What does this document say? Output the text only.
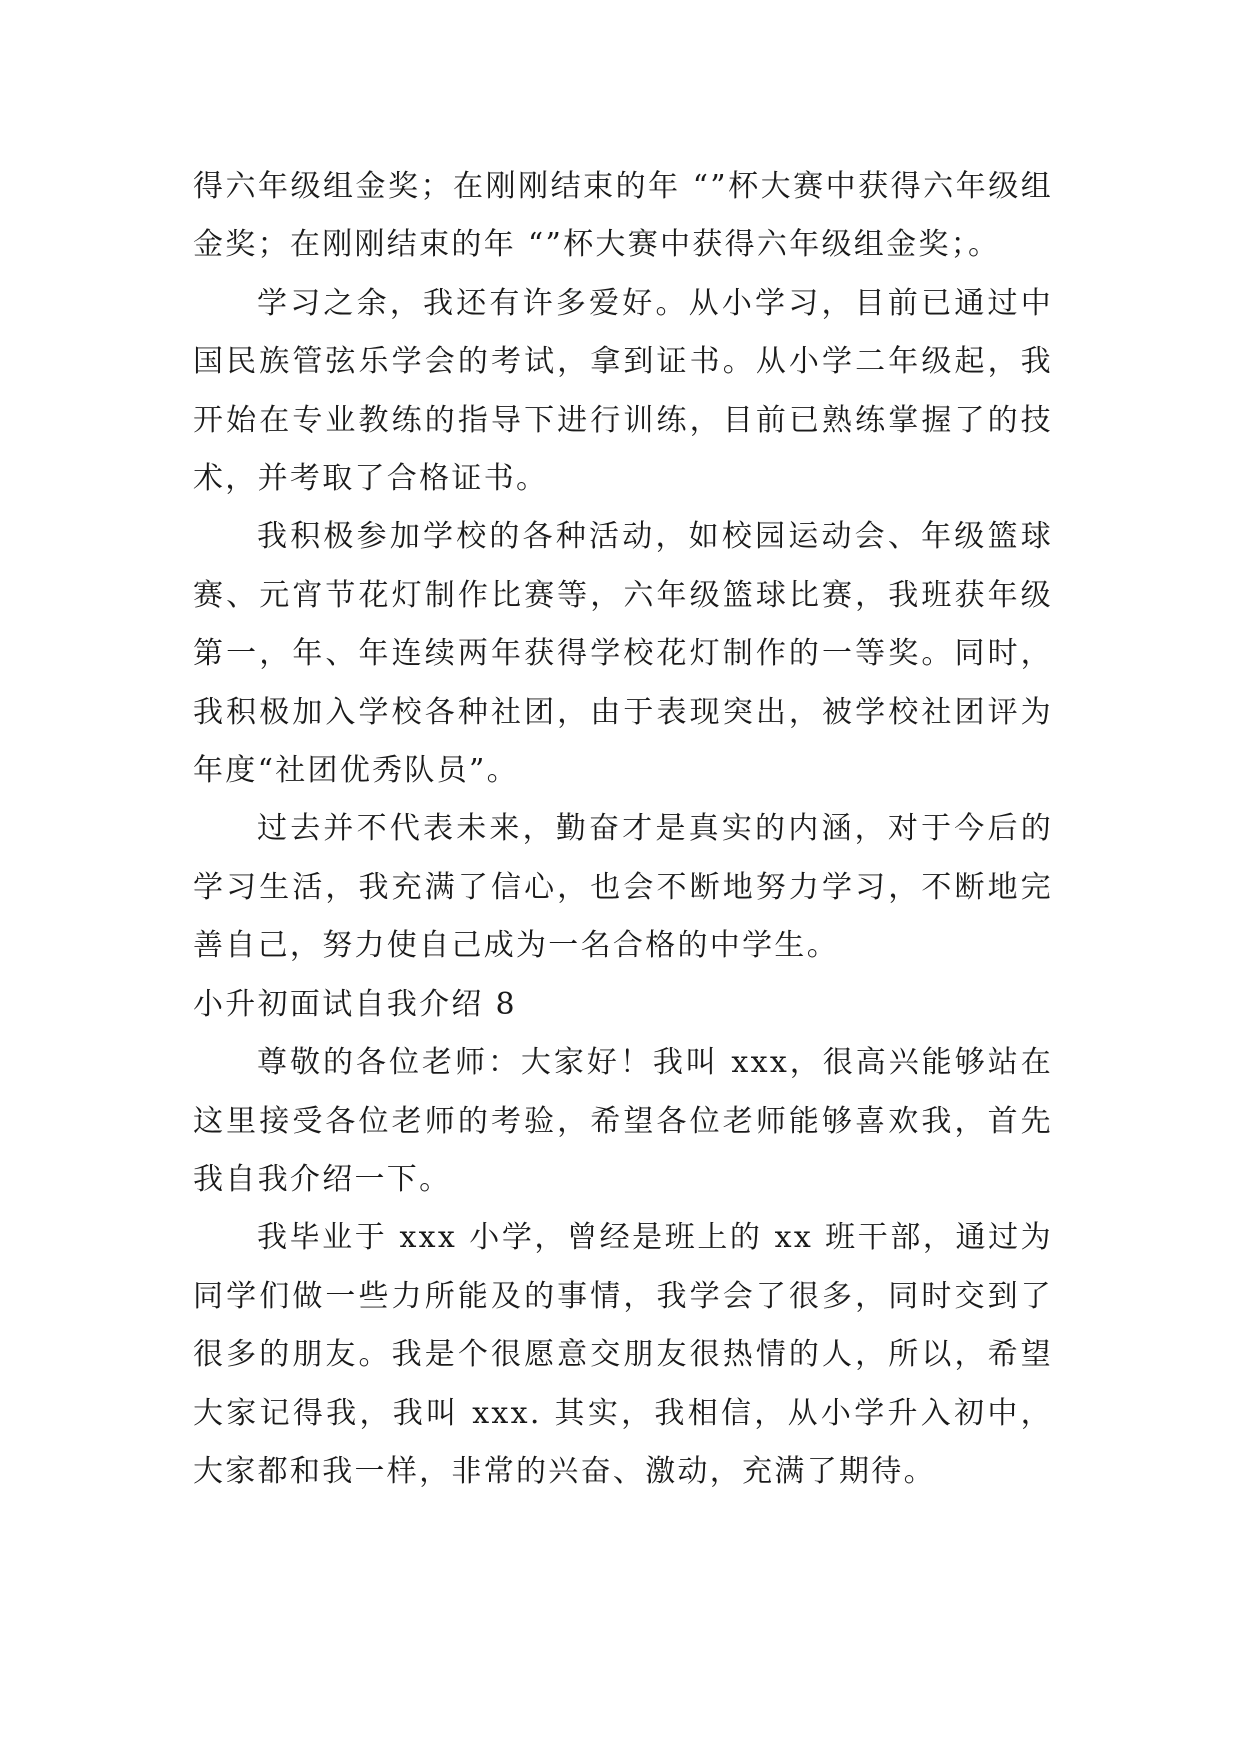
得六年级组金奖；在刚刚结束的年 “”杯大赛中获得六年级组金奖；在刚刚结束的年 “”杯大赛中获得六年级组金奖；。

学习之余，我还有许多爱好。从小学习，目前已通过中国民族管弦乐学会的考试，拿到证书。从小学二年级起，我开始在专业教练的指导下进行训练，目前已熟练掌握了的技术，并考取了合格证书。

我积极参加学校的各种活动，如校园运动会、年级篮球赛、元宵节花灯制作比赛等，六年级篮球比赛，我班获年级第一，年、年连续两年获得学校花灯制作的一等奖。同时，我积极加入学校各种社团，由于表现突出，被学校社团评为年度“社团优秀队员”。

过去并不代表未来，勤奋才是真实的内涵，对于今后的学习生活，我充满了信心，也会不断地努力学习，不断地完善自己，努力使自己成为一名合格的中学生。

小升初面试自我介绍 8

尊敬的各位老师：大家好！我叫 xxx，很高兴能够站在这里接受各位老师的考验，希望各位老师能够喜欢我，首先我自我介绍一下。

我毕业于 xxx 小学，曾经是班上的 xx 班干部，通过为同学们做一些力所能及的事情，我学会了很多，同时交到了很多的朋友。我是个很愿意交朋友很热情的人，所以，希望大家记得我，我叫 xxx. 其实，我相信，从小学升入初中，大家都和我一样，非常的兴奋、激动，充满了期待。
